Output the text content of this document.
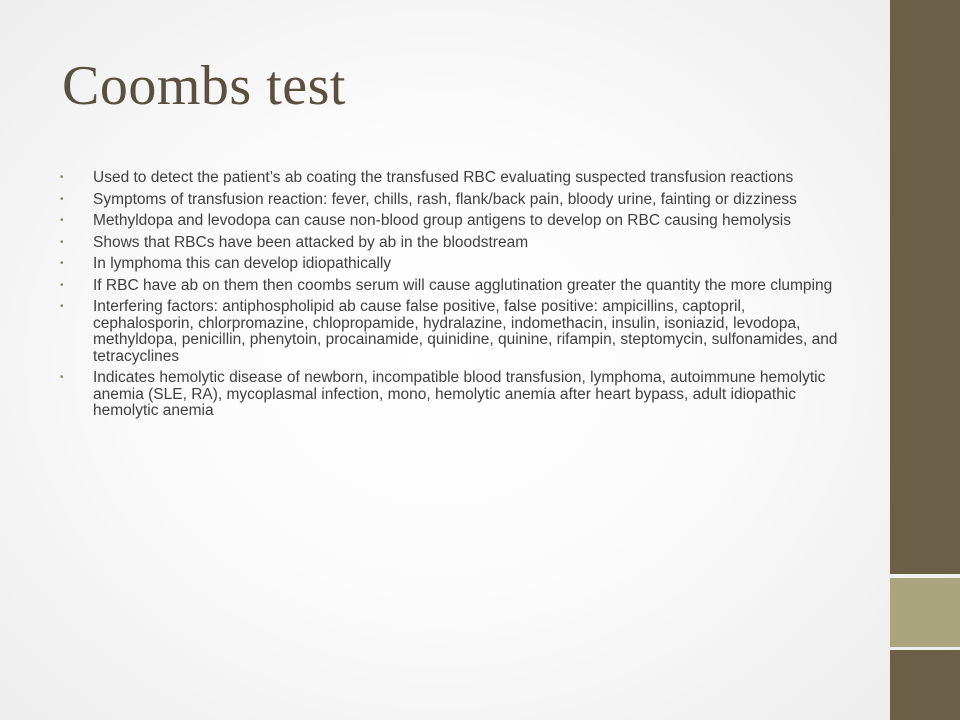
Coombs test
• Used to detect the patient’s ab coating the transfused RBC evaluating suspected transfusion reactions
• Symptoms of transfusion reaction: fever, chills, rash, flank/back pain, bloody urine, fainting or dizziness
• Methyldopa and levodopa can cause non-blood group antigens to develop on RBC causing hemolysis
• Shows that RBCs have been attacked by ab in the bloodstream
• In lymphoma this can develop idiopathically
• If RBC have ab on them then coombs serum will cause agglutination greater the quantity the more clumping
• Interfering factors: antiphospholipid ab cause false positive, false positive: ampicillins, captopril, cephalosporin, chlorpromazine, chlopropamide, hydralazine, indomethacin, insulin, isoniazid, levodopa, methyldopa, penicillin, phenytoin, procainamide, quinidine, quinine, rifampin, steptomycin, sulfonamides, and tetracyclines
• Indicates hemolytic disease of newborn, incompatible blood transfusion, lymphoma, autoimmune hemolytic anemia (SLE, RA), mycoplasmal infection, mono, hemolytic anemia after heart bypass, adult idiopathic hemolytic anemia
